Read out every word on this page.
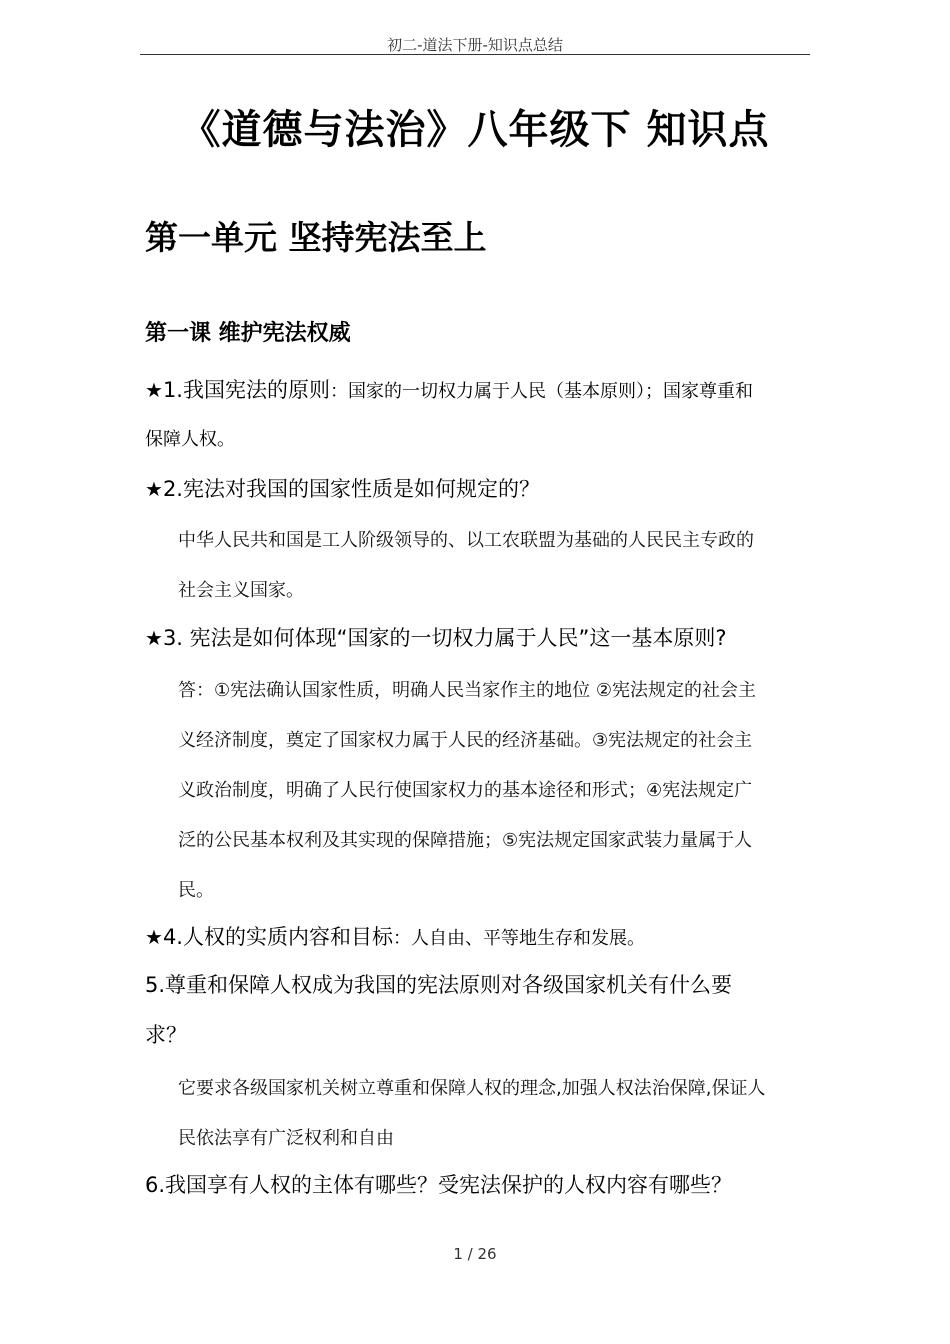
初二-道法下册-知识点总结
《道德与法治》八年级下 知识点
第一单元 坚持宪法至上
第一课 维护宪法权威
★1.我国宪法的原则：国家的一切权力属于人民（基本原则）；国家尊重和
保障人权。
★2.宪法对我国的国家性质是如何规定的？
中华人民共和国是工人阶级领导的、以工农联盟为基础的人民民主专政的
社会主义国家。
★3. 宪法是如何体现“国家的一切权力属于人民”这一基本原则?
答：①宪法确认国家性质，明确人民当家作主的地位 ②宪法规定的社会主
义经济制度，奠定了国家权力属于人民的经济基础。③宪法规定的社会主
义政治制度，明确了人民行使国家权力的基本途径和形式；④宪法规定广
泛的公民基本权利及其实现的保障措施；⑤宪法规定国家武装力量属于人
民。
★4.人权的实质内容和目标：人自由、平等地生存和发展。
5.尊重和保障人权成为我国的宪法原则对各级国家机关有什么要
求？
它要求各级国家机关树立尊重和保障人权的理念,加强人权法治保障,保证人
民依法享有广泛权利和自由
6.我国享有人权的主体有哪些？受宪法保护的人权内容有哪些？
1 / 26
